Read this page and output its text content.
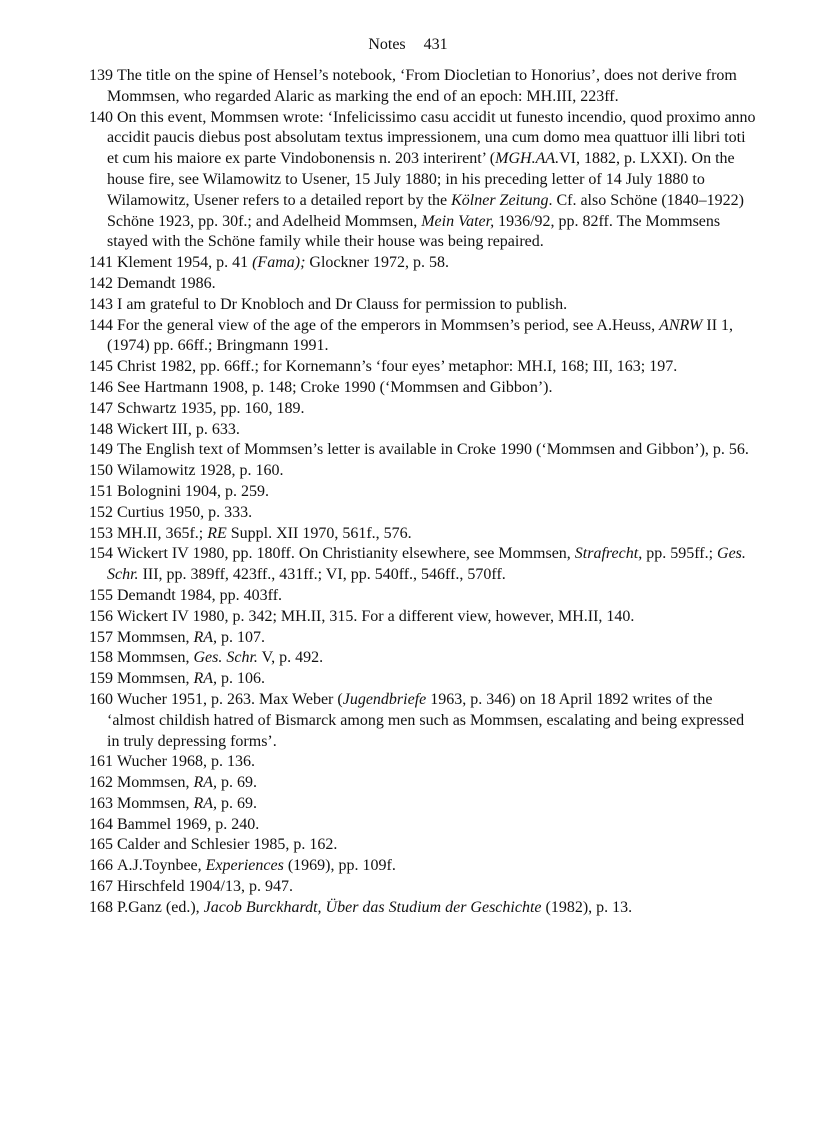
Notes 431
139 The title on the spine of Hensel’s notebook, ‘From Diocletian to Honorius’, does not derive from Mommsen, who regarded Alaric as marking the end of an epoch: MH.III, 223ff.
140 On this event, Mommsen wrote: ‘Infelicissimo casu accidit ut funesto incendio, quod proximo anno accidit paucis diebus post absolutam textus impressionem, una cum domo mea quattuor illi libri toti et cum his maiore ex parte Vindobonensis n. 203 interirent’ (MGH.AA.VI, 1882, p. LXXI). On the house fire, see Wilamowitz to Usener, 15 July 1880; in his preceding letter of 14 July 1880 to Wilamowitz, Usener refers to a detailed report by the Kölner Zeitung. Cf. also Schöne (1840–1922) Schöne 1923, pp. 30f.; and Adelheid Mommsen, Mein Vater, 1936/92, pp. 82ff. The Mommsens stayed with the Schöne family while their house was being repaired.
141 Klement 1954, p. 41 (Fama); Glockner 1972, p. 58.
142 Demandt 1986.
143 I am grateful to Dr Knobloch and Dr Clauss for permission to publish.
144 For the general view of the age of the emperors in Mommsen’s period, see A.Heuss, ANRW II 1, (1974) pp. 66ff.; Bringmann 1991.
145 Christ 1982, pp. 66ff.; for Kornemann’s ‘four eyes’ metaphor: MH.I, 168; III, 163; 197.
146 See Hartmann 1908, p. 148; Croke 1990 (‘Mommsen and Gibbon’).
147 Schwartz 1935, pp. 160, 189.
148 Wickert III, p. 633.
149 The English text of Mommsen’s letter is available in Croke 1990 (‘Mommsen and Gibbon’), p. 56.
150 Wilamowitz 1928, p. 160.
151 Bolognini 1904, p. 259.
152 Curtius 1950, p. 333.
153 MH.II, 365f.; RE Suppl. XII 1970, 561f., 576.
154 Wickert IV 1980, pp. 180ff. On Christianity elsewhere, see Mommsen, Strafrecht, pp. 595ff.; Ges. Schr. III, pp. 389ff, 423ff., 431ff.; VI, pp. 540ff., 546ff., 570ff.
155 Demandt 1984, pp. 403ff.
156 Wickert IV 1980, p. 342; MH.II, 315. For a different view, however, MH.II, 140.
157 Mommsen, RA, p. 107.
158 Mommsen, Ges. Schr. V, p. 492.
159 Mommsen, RA, p. 106.
160 Wucher 1951, p. 263. Max Weber (Jugendbriefe 1963, p. 346) on 18 April 1892 writes of the ‘almost childish hatred of Bismarck among men such as Mommsen, escalating and being expressed in truly depressing forms’.
161 Wucher 1968, p. 136.
162 Mommsen, RA, p. 69.
163 Mommsen, RA, p. 69.
164 Bammel 1969, p. 240.
165 Calder and Schlesier 1985, p. 162.
166 A.J.Toynbee, Experiences (1969), pp. 109f.
167 Hirschfeld 1904/13, p. 947.
168 P.Ganz (ed.), Jacob Burckhardt, Über das Studium der Geschichte (1982), p. 13.
